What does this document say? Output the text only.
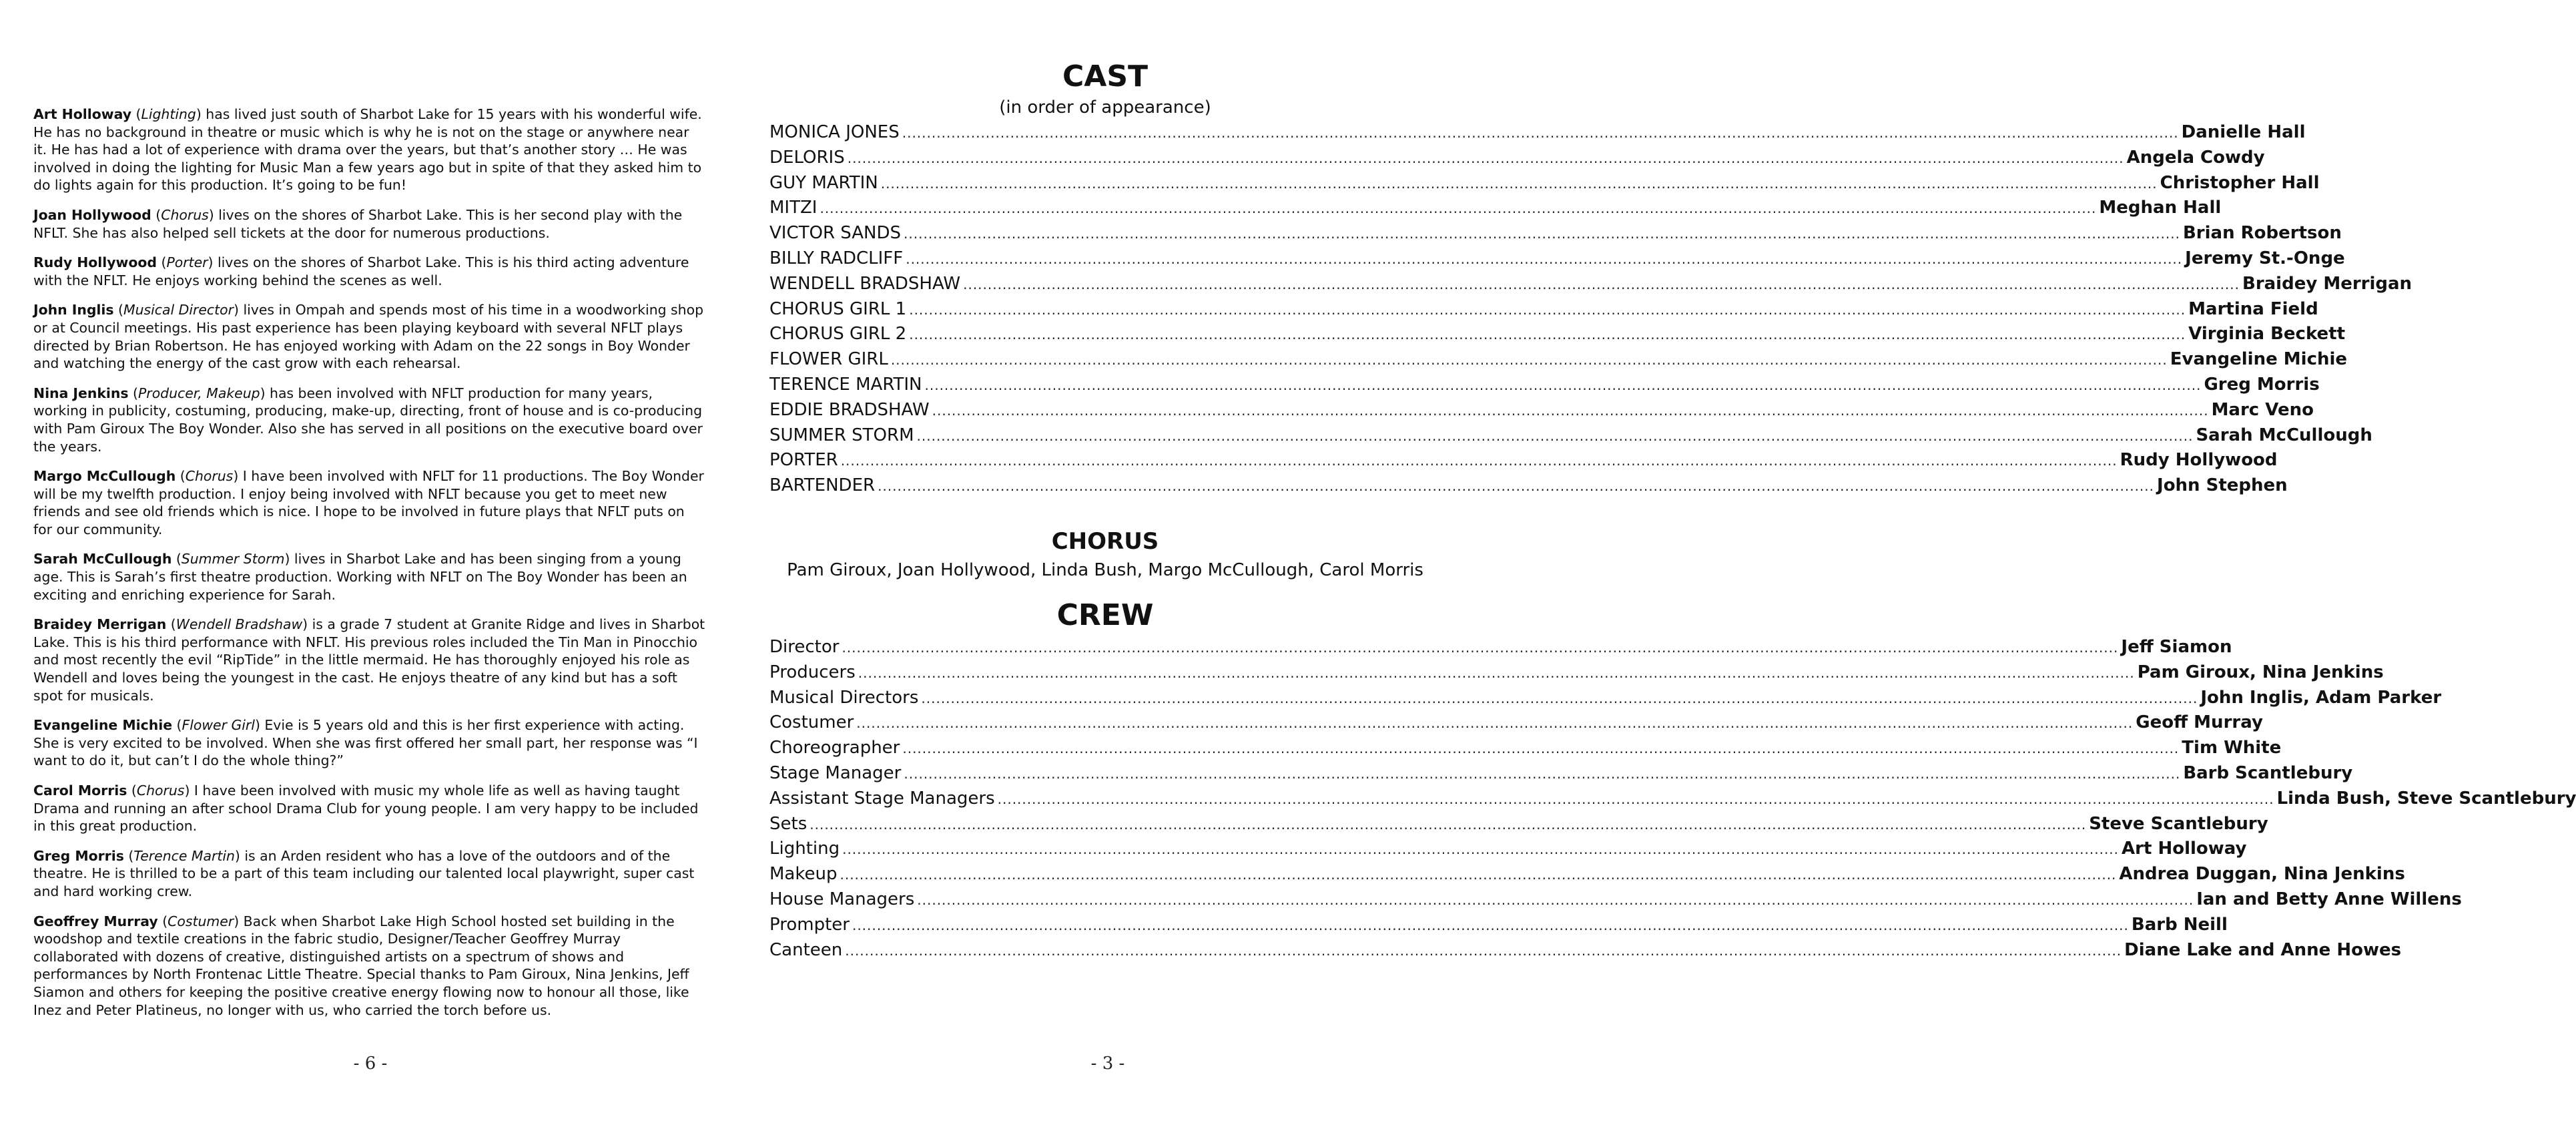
Art Holloway (Lighting) has lived just south of Sharbot Lake for 15 years with his wonderful wife. He has no background in theatre or music which is why he is not on the stage or anywhere near it. He has had a lot of experience with drama over the years, but that’s another story … He was involved in doing the lighting for Music Man a few years ago but in spite of that they asked him to do lights again for this production. It’s going to be fun!

Joan Hollywood (Chorus) lives on the shores of Sharbot Lake. This is her second play with the NFLT. She has also helped sell tickets at the door for numerous productions.

Rudy Hollywood (Porter) lives on the shores of Sharbot Lake. This is his third acting adventure with the NFLT. He enjoys working behind the scenes as well.

John Inglis (Musical Director) lives in Ompah and spends most of his time in a woodworking shop or at Council meetings. His past experience has been playing keyboard with several NFLT plays directed by Brian Robertson. He has enjoyed working with Adam on the 22 songs in Boy Wonder and watching the energy of the cast grow with each rehearsal.

Nina Jenkins (Producer, Makeup) has been involved with NFLT production for many years, working in publicity, costuming, producing, make-up, directing, front of house and is co-producing with Pam Giroux The Boy Wonder. Also she has served in all positions on the executive board over the years.

Margo McCullough (Chorus) I have been involved with NFLT for 11 productions. The Boy Wonder will be my twelfth production. I enjoy being involved with NFLT because you get to meet new friends and see old friends which is nice. I hope to be involved in future plays that NFLT puts on for our community.

Sarah McCullough (Summer Storm) lives in Sharbot Lake and has been singing from a young age. This is Sarah’s first theatre production. Working with NFLT on The Boy Wonder has been an exciting and enriching experience for Sarah.

Braidey Merrigan (Wendell Bradshaw) is a grade 7 student at Granite Ridge and lives in Sharbot Lake. This is his third performance with NFLT. His previous roles included the Tin Man in Pinocchio and most recently the evil “RipTide” in the little mermaid. He has thoroughly enjoyed his role as Wendell and loves being the youngest in the cast. He enjoys theatre of any kind but has a soft spot for musicals.

Evangeline Michie (Flower Girl) Evie is 5 years old and this is her first experience with acting. She is very excited to be involved. When she was first offered her small part, her response was “I want to do it, but can’t I do the whole thing?”

Carol Morris (Chorus) I have been involved with music my whole life as well as having taught Drama and running an after school Drama Club for young people. I am very happy to be included in this great production.

Greg Morris (Terence Martin) is an Arden resident who has a love of the outdoors and of the theatre. He is thrilled to be a part of this team including our talented local playwright, super cast and hard working crew.

Geoffrey Murray (Costumer) Back when Sharbot Lake High School hosted set building in the woodshop and textile creations in the fabric studio, Designer/Teacher Geoffrey Murray collaborated with dozens of creative, distinguished artists on a spectrum of shows and performances by North Frontenac Little Theatre. Special thanks to Pam Giroux, Nina Jenkins, Jeff Siamon and others for keeping the positive creative energy flowing now to honour all those, like Inez and Peter Platineus, no longer with us, who carried the torch before us.

- 6 -
CAST

(in order of appearance)

MONICA JONES .................................................................................................................................................................................................................................................................... Danielle Hall
DELORIS .................................................................................................................................................................................................................................................................... Angela Cowdy
GUY MARTIN .................................................................................................................................................................................................................................................................... Christopher Hall
MITZI .................................................................................................................................................................................................................................................................... Meghan Hall
VICTOR SANDS .................................................................................................................................................................................................................................................................... Brian Robertson
BILLY RADCLIFF .................................................................................................................................................................................................................................................................... Jeremy St.-Onge
WENDELL BRADSHAW .................................................................................................................................................................................................................................................................... Braidey Merrigan
CHORUS GIRL 1 .................................................................................................................................................................................................................................................................... Martina Field
CHORUS GIRL 2 .................................................................................................................................................................................................................................................................... Virginia Beckett
FLOWER GIRL .................................................................................................................................................................................................................................................................... Evangeline Michie
TERENCE MARTIN .................................................................................................................................................................................................................................................................... Greg Morris
EDDIE BRADSHAW .................................................................................................................................................................................................................................................................... Marc Veno
SUMMER STORM .................................................................................................................................................................................................................................................................... Sarah McCullough
PORTER .................................................................................................................................................................................................................................................................... Rudy Hollywood
BARTENDER .................................................................................................................................................................................................................................................................... John Stephen
CHORUS

Pam Giroux, Joan Hollywood, Linda Bush, Margo McCullough, Carol Morris

CREW
Director .................................................................................................................................................................................................................................................................... Jeff Siamon
Producers .................................................................................................................................................................................................................................................................... Pam Giroux, Nina Jenkins
Musical Directors .................................................................................................................................................................................................................................................................... John Inglis, Adam Parker
Costumer .................................................................................................................................................................................................................................................................... Geoff Murray
Choreographer .................................................................................................................................................................................................................................................................... Tim White
Stage Manager .................................................................................................................................................................................................................................................................... Barb Scantlebury
Assistant Stage Managers .................................................................................................................................................................................................................................................................... Linda Bush, Steve Scantlebury
Sets .................................................................................................................................................................................................................................................................... Steve Scantlebury
Lighting .................................................................................................................................................................................................................................................................... Art Holloway
Makeup .................................................................................................................................................................................................................................................................... Andrea Duggan, Nina Jenkins
House Managers .................................................................................................................................................................................................................................................................... Ian and Betty Anne Willens
Prompter .................................................................................................................................................................................................................................................................... Barb Neill
Canteen .................................................................................................................................................................................................................................................................... Diane Lake and Anne Howes
- 3 -
